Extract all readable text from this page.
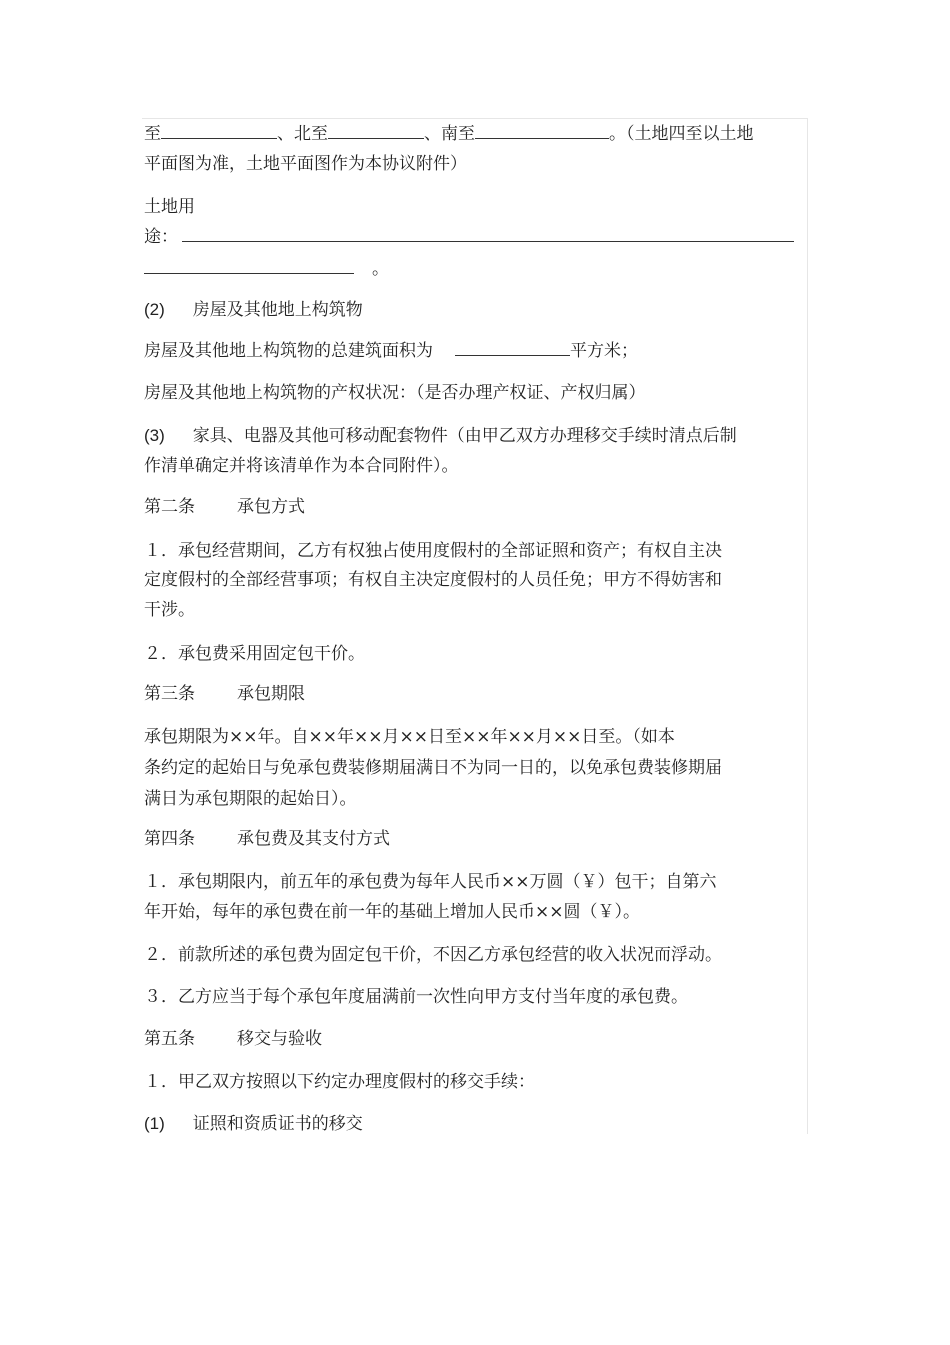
至	、北至	、南至	。（土地四至以土地
平面图为准，土地平面图作为本协议附件）
土地用
途：
。
(2) 房屋及其他地上构筑物
房屋及其他地上构筑物的总建筑面积为	平方米；
房屋及其他地上构筑物的产权状况：（是否办理产权证、产权归属）
(3) 家具、电器及其他可移动配套物件（由甲乙双方办理移交手续时清点后制
作清单确定并将该清单作为本合同附件）。
第二条 承包方式
１．承包经营期间，乙方有权独占使用度假村的全部证照和资产；有权自主决
定度假村的全部经营事项；有权自主决定度假村的人员任免；甲方不得妨害和
干涉。
２．承包费采用固定包干价。
第三条 承包期限
承包期限为××年。自××年××月××日至××年××月××日至。（如本
条约定的起始日与免承包费装修期届满日不为同一日的，以免承包费装修期届
满日为承包期限的起始日）。
第四条 承包费及其支付方式
１．承包期限内，前五年的承包费为每年人民币××万圆（￥）包干；自第六
年开始，每年的承包费在前一年的基础上增加人民币××圆（￥）。
２．前款所述的承包费为固定包干价，不因乙方承包经营的收入状况而浮动。
３．乙方应当于每个承包年度届满前一次性向甲方支付当年度的承包费。
第五条 移交与验收
１．甲乙双方按照以下约定办理度假村的移交手续：
(1) 证照和资质证书的移交
